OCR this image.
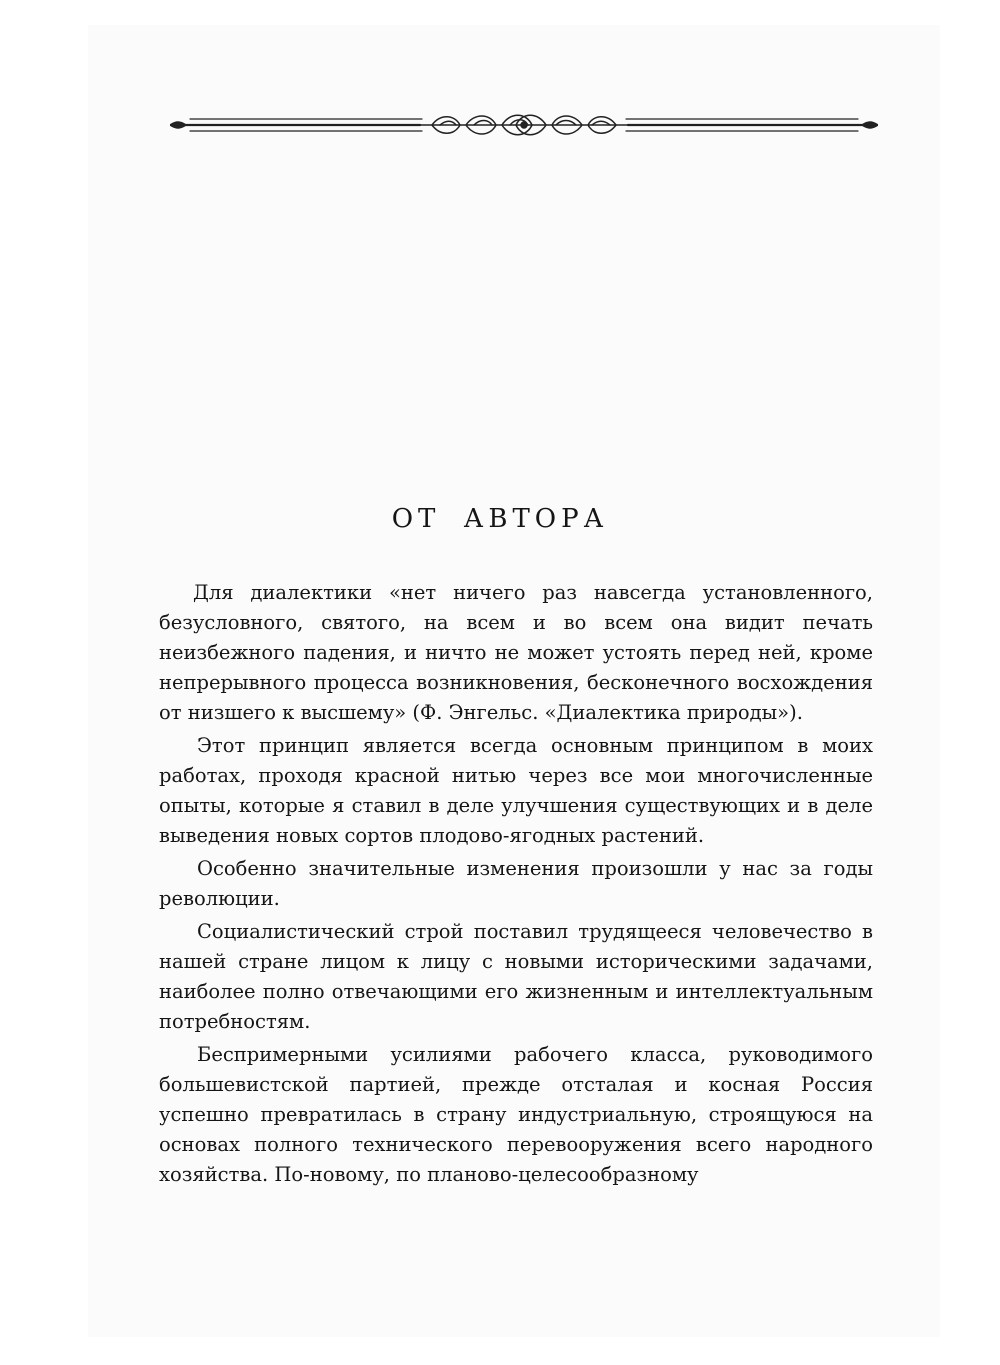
ОТ АВТОРА

Для диалектики «нет ничего раз навсегда установленного, безусловного, святого, на всем и во всем она видит печать неизбежного падения, и ничто не может устоять перед ней, кроме непрерывного процесса возникновения, бесконечного восхождения от низшего к высшему» (Ф. Энгельс. «Диалектика природы»).

Этот принцип является всегда основным принципом в моих работах, проходя красной нитью через все мои многочисленные опыты, которые я ставил в деле улучшения существующих и в деле выведения новых сортов плодово-ягодных растений.

Особенно значительные изменения произошли у нас за годы революции.

Социалистический строй поставил трудящееся человечество в нашей стране лицом к лицу с новыми историческими задачами, наиболее полно отвечающими его жизненным и интеллектуальным потребностям.

Беспримерными усилиями рабочего класса, руководимого большевистской партией, прежде отсталая и косная Россия успешно превратилась в страну индустриальную, строящуюся на основах полного технического перевооружения всего народного хозяйства. По-новому, по планово-целесообразному
